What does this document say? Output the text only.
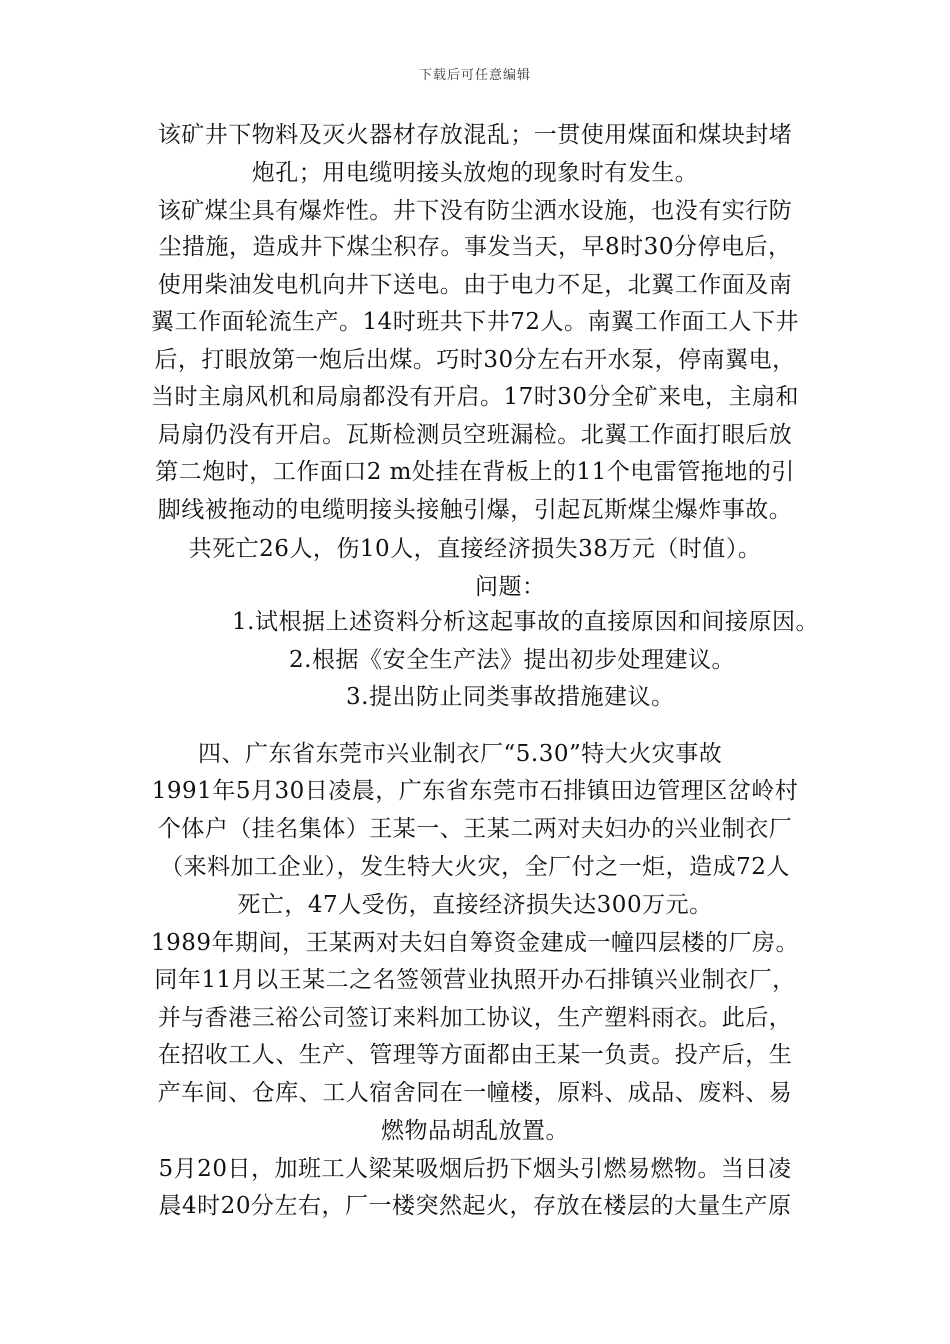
下载后可任意编辑
该矿井下物料及灭火器材存放混乱；一贯使用煤面和煤块封堵
炮孔；用电缆明接头放炮的现象时有发生。
该矿煤尘具有爆炸性。井下没有防尘洒水设施，也没有实行防
尘措施，造成井下煤尘积存。事发当天，早8时30分停电后，
使用柴油发电机向井下送电。由于电力不足，北翼工作面及南
翼工作面轮流生产。14时班共下井72人。南翼工作面工人下井
后，打眼放第一炮后出煤。巧时30分左右开水泵，停南翼电，
当时主扇风机和局扇都没有开启。17时30分全矿来电，主扇和
局扇仍没有开启。瓦斯检测员空班漏检。北翼工作面打眼后放
第二炮时，工作面口2 m处挂在背板上的11个电雷管拖地的引
脚线被拖动的电缆明接头接触引爆，引起瓦斯煤尘爆炸事故。
共死亡26人，伤10人，直接经济损失38万元（时值）。
问题：
1.试根据上述资料分析这起事故的直接原因和间接原因。
2.根据《安全生产法》提出初步处理建议。
3.提出防止同类事故措施建议。
四、广东省东莞市兴业制衣厂“5.30”特大火灾事故
1991年5月30日凌晨，广东省东莞市石排镇田边管理区岔岭村
个体户（挂名集体）王某一、王某二两对夫妇办的兴业制衣厂
（来料加工企业），发生特大火灾，全厂付之一炬，造成72人
死亡，47人受伤，直接经济损失达300万元。
1989年期间，王某两对夫妇自筹资金建成一幢四层楼的厂房。
同年11月以王某二之名签领营业执照开办石排镇兴业制衣厂，
并与香港三裕公司签订来料加工协议，生产塑料雨衣。此后，
在招收工人、生产、管理等方面都由王某一负责。投产后，生
产车间、仓库、工人宿舍同在一幢楼，原料、成品、废料、易
燃物品胡乱放置。
5月20日，加班工人梁某吸烟后扔下烟头引燃易燃物。当日凌
晨4时20分左右，厂一楼突然起火，存放在楼层的大量生产原
